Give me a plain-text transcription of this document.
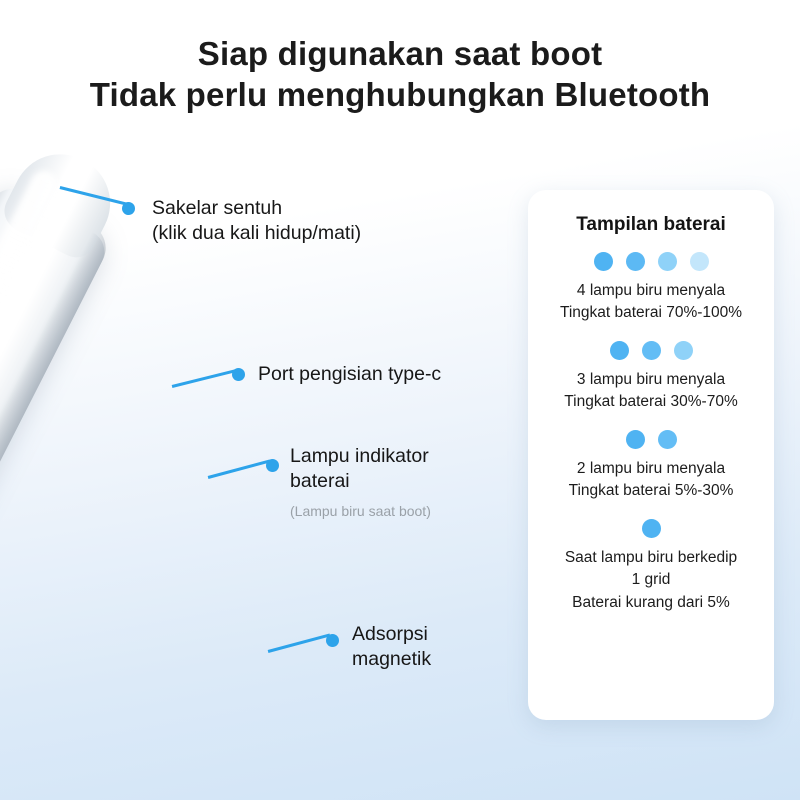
Siap digunakan saat boot
Tidak perlu menghubungkan Bluetooth
Sakelar sentuh
(klik dua kali hidup/mati)
Port pengisian type-c
Lampu indikator
baterai
(Lampu biru saat boot)
Adsorpsi
magnetik
Tampilan baterai
4 lampu biru menyala
Tingkat baterai 70%-100%
3 lampu biru menyala
Tingkat baterai 30%-70%
2 lampu biru menyala
Tingkat baterai 5%-30%
Saat lampu biru berkedip
1 grid
Baterai kurang dari 5%
